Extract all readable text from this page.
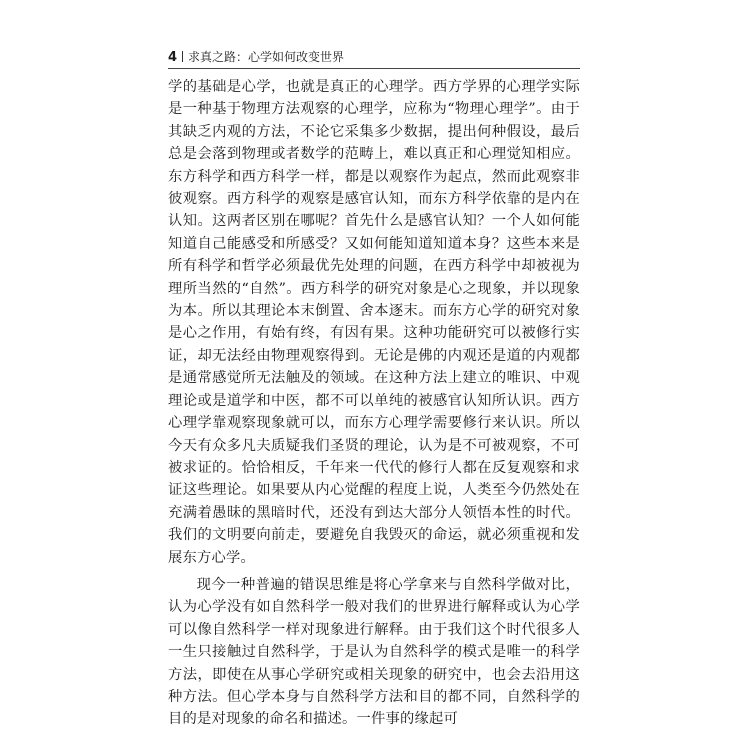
4 求真之路：心学如何改变世界

学的基础是心学，也就是真正的心理学。西方学界的心理学实际是一种基于物理方法观察的心理学，应称为“物理心理学”。由于其缺乏内观的方法，不论它采集多少数据，提出何种假设，最后总是会落到物理或者数学的范畴上，难以真正和心理觉知相应。东方科学和西方科学一样，都是以观察作为起点，然而此观察非彼观察。西方科学的观察是感官认知，而东方科学依靠的是内在认知。这两者区别在哪呢？首先什么是感官认知？一个人如何能知道自己能感受和所感受？又如何能知道知道本身？这些本来是所有科学和哲学必须最优先处理的问题，在西方科学中却被视为理所当然的“自然”。西方科学的研究对象是心之现象，并以现象为本。所以其理论本末倒置、舍本逐末。而东方心学的研究对象是心之作用，有始有终，有因有果。这种功能研究可以被修行实证，却无法经由物理观察得到。无论是佛的内观还是道的内观都是通常感觉所无法触及的领域。在这种方法上建立的唯识、中观理论或是道学和中医，都不可以单纯的被感官认知所认识。西方心理学靠观察现象就可以，而东方心理学需要修行来认识。所以今天有众多凡夫质疑我们圣贤的理论，认为是不可被观察，不可被求证的。恰恰相反，千年来一代代的修行人都在反复观察和求证这些理论。如果要从内心觉醒的程度上说，人类至今仍然处在充满着愚昧的黑暗时代，还没有到达大部分人领悟本性的时代。我们的文明要向前走，要避免自我毁灭的命运，就必须重视和发展东方心学。

现今一种普遍的错误思维是将心学拿来与自然科学做对比，认为心学没有如自然科学一般对我们的世界进行解释或认为心学可以像自然科学一样对现象进行解释。由于我们这个时代很多人一生只接触过自然科学，于是认为自然科学的模式是唯一的科学方法，即使在从事心学研究或相关现象的研究中，也会去沿用这种方法。但心学本身与自然科学方法和目的都不同，自然科学的目的是对现象的命名和描述。一件事的缘起可
